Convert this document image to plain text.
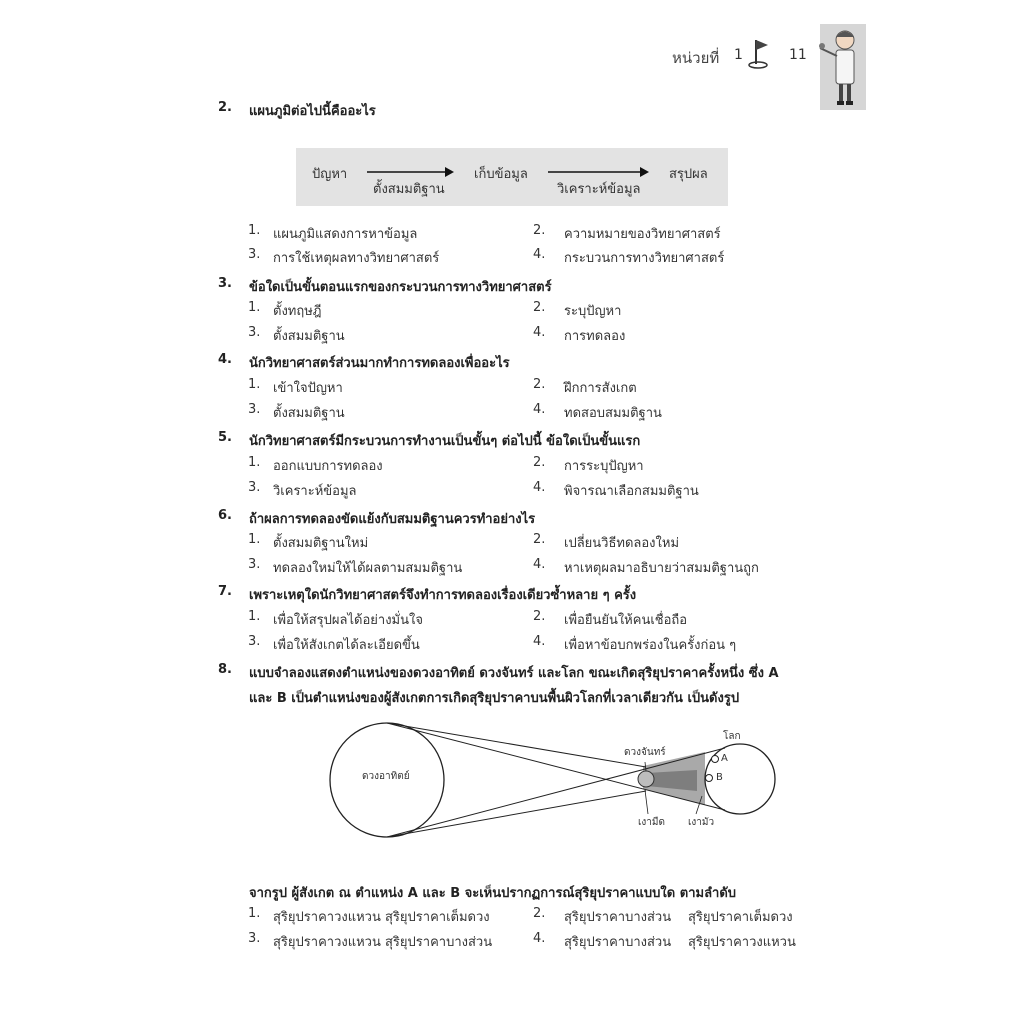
หน่วยที่ 1	11
2. แผนภูมิต่อไปนี้คืออะไร
ปัญหา
ตั้งสมมติฐาน
เก็บข้อมูล
วิเคราะห์ข้อมูล
สรุปผล
1. แผนภูมิแสดงการหาข้อมูล	2. ความหมายของวิทยาศาสตร์
3. การใช้เหตุผลทางวิทยาศาสตร์	4. กระบวนการทางวิทยาศาสตร์
3. ข้อใดเป็นขั้นตอนแรกของกระบวนการทางวิทยาศาสตร์
1. ตั้งทฤษฎี	2. ระบุปัญหา
3. ตั้งสมมติฐาน	4. การทดลอง
4. นักวิทยาศาสตร์ส่วนมากทำการทดลองเพื่ออะไร
1. เข้าใจปัญหา	2. ฝึกการสังเกต
3. ตั้งสมมติฐาน	4. ทดสอบสมมติฐาน
5. นักวิทยาศาสตร์มีกระบวนการทำงานเป็นขั้นๆ ต่อไปนี้ ข้อใดเป็นขั้นแรก
1. ออกแบบการทดลอง	2. การระบุปัญหา
3. วิเคราะห์ข้อมูล	4. พิจารณาเลือกสมมติฐาน
6. ถ้าผลการทดลองขัดแย้งกับสมมติฐานควรทำอย่างไร
1. ตั้งสมมติฐานใหม่	2. เปลี่ยนวิธีทดลองใหม่
3. ทดลองใหม่ให้ได้ผลตามสมมติฐาน	4. หาเหตุผลมาอธิบายว่าสมมติฐานถูก
7. เพราะเหตุใดนักวิทยาศาสตร์จึงทำการทดลองเรื่องเดียวซ้ำหลาย ๆ ครั้ง
1. เพื่อให้สรุปผลได้อย่างมั่นใจ	2. เพื่อยืนยันให้คนเชื่อถือ
3. เพื่อให้สังเกตได้ละเอียดขึ้น	4. เพื่อหาข้อบกพร่องในครั้งก่อน ๆ
8. แบบจำลองแสดงตำแหน่งของดวงอาทิตย์ ดวงจันทร์ และโลก ขณะเกิดสุริยุปราคาครั้งหนึ่ง ซึ่ง A
และ B เป็นตำแหน่งของผู้สังเกตการเกิดสุริยุปราคาบนพื้นผิวโลกที่เวลาเดียวกัน เป็นดังรูป
ดวงอาทิตย์
ดวงจันทร์
โลก
A
B
เงามืด เงามัว
จากรูป ผู้สังเกต ณ ตำแหน่ง A และ B จะเห็นปรากฏการณ์สุริยุปราคาแบบใด ตามลำดับ
1. สุริยุปราคาวงแหวน สุริยุปราคาเต็มดวง	2. สุริยุปราคาบางส่วน สุริยุปราคาเต็มดวง
3. สุริยุปราคาวงแหวน สุริยุปราคาบางส่วน	4. สุริยุปราคาบางส่วน สุริยุปราคาวงแหวน
